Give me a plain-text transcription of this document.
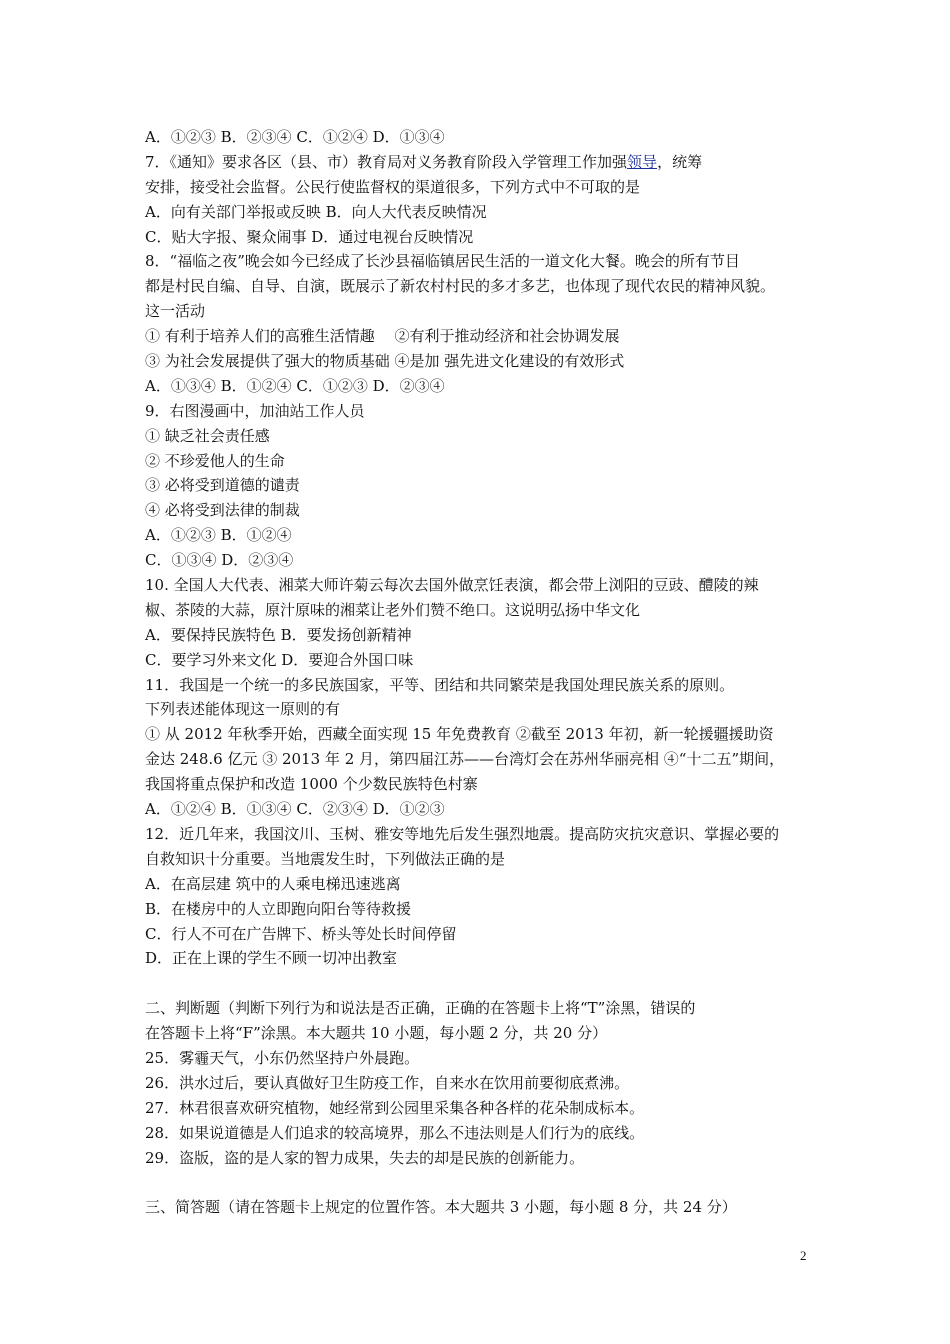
A．①②③ B．②③④ C．①②④ D．①③④
7．《通知》要求各区（县、市）教育局对义务教育阶段入学管理工作加强领导，统筹
安排，接受社会监督。公民行使监督权的渠道很多，下列方式中不可取的是
A．向有关部门举报或反映 B．向人大代表反映情况
C．贴大字报、聚众闹事 D．通过电视台反映情况
8．“福临之夜”晚会如今已经成了长沙县福临镇居民生活的一道文化大餐。晚会的所有节目
都是村民自编、自导、自演，既展示了新农村村民的多才多艺，也体现了现代农民的精神风貌。
这一活动
① 有利于培养人们的高雅生活情趣　 ②有利于推动经济和社会协调发展
③ 为社会发展提供了强大的物质基础 ④是加 强先进文化建设的有效形式
A．①③④ B．①②④ C．①②③ D．②③④
9．右图漫画中，加油站工作人员
① 缺乏社会责任感
② 不珍爱他人的生命
③ 必将受到道德的谴责
④ 必将受到法律的制裁
A．①②③ B．①②④
C．①③④ D．②③④
10. 全国人大代表、湘菜大师许菊云每次去国外做烹饪表演，都会带上浏阳的豆豉、醴陵的辣
椒、茶陵的大蒜，原汁原味的湘菜让老外们赞不绝口。这说明弘扬中华文化
A．要保持民族特色 B．要发扬创新精神
C．要学习外来文化 D．要迎合外国口味
11．我国是一个统一的多民族国家，平等、团结和共同繁荣是我国处理民族关系的原则。
下列表述能体现这一原则的有
① 从 2012 年秋季开始，西藏全面实现 15 年免费教育 ②截至 2013 年初，新一轮援疆援助资
金达 248.6 亿元 ③ 2013 年 2 月，第四届江苏——台湾灯会在苏州华丽亮相 ④“十二五”期间，
我国将重点保护和改造 1000 个少数民族特色村寨
A．①②④ B．①③④ C．②③④ D．①②③
12．近几年来，我国汶川、玉树、雅安等地先后发生强烈地震。提高防灾抗灾意识、掌握必要的
自救知识十分重要。当地震发生时，下列做法正确的是
A．在高层建 筑中的人乘电梯迅速逃离
B．在楼房中的人立即跑向阳台等待救援
C．行人不可在广告牌下、桥头等处长时间停留
D．正在上课的学生不顾一切冲出教室
二、判断题（判断下列行为和说法是否正确，正确的在答题卡上将“T”涂黑，错误的
在答题卡上将“F”涂黑。本大题共 10 小题，每小题 2 分，共 20 分）
25．雾霾天气，小东仍然坚持户外晨跑。
26．洪水过后，要认真做好卫生防疫工作，自来水在饮用前要彻底煮沸。
27．林君很喜欢研究植物，她经常到公园里采集各种各样的花朵制成标本。
28．如果说道德是人们追求的较高境界，那么不违法则是人们行为的底线。
29．盗版，盗的是人家的智力成果，失去的却是民族的创新能力。
三、简答题（请在答题卡上规定的位置作答。本大题共 3 小题，每小题 8 分，共 24 分）
2
